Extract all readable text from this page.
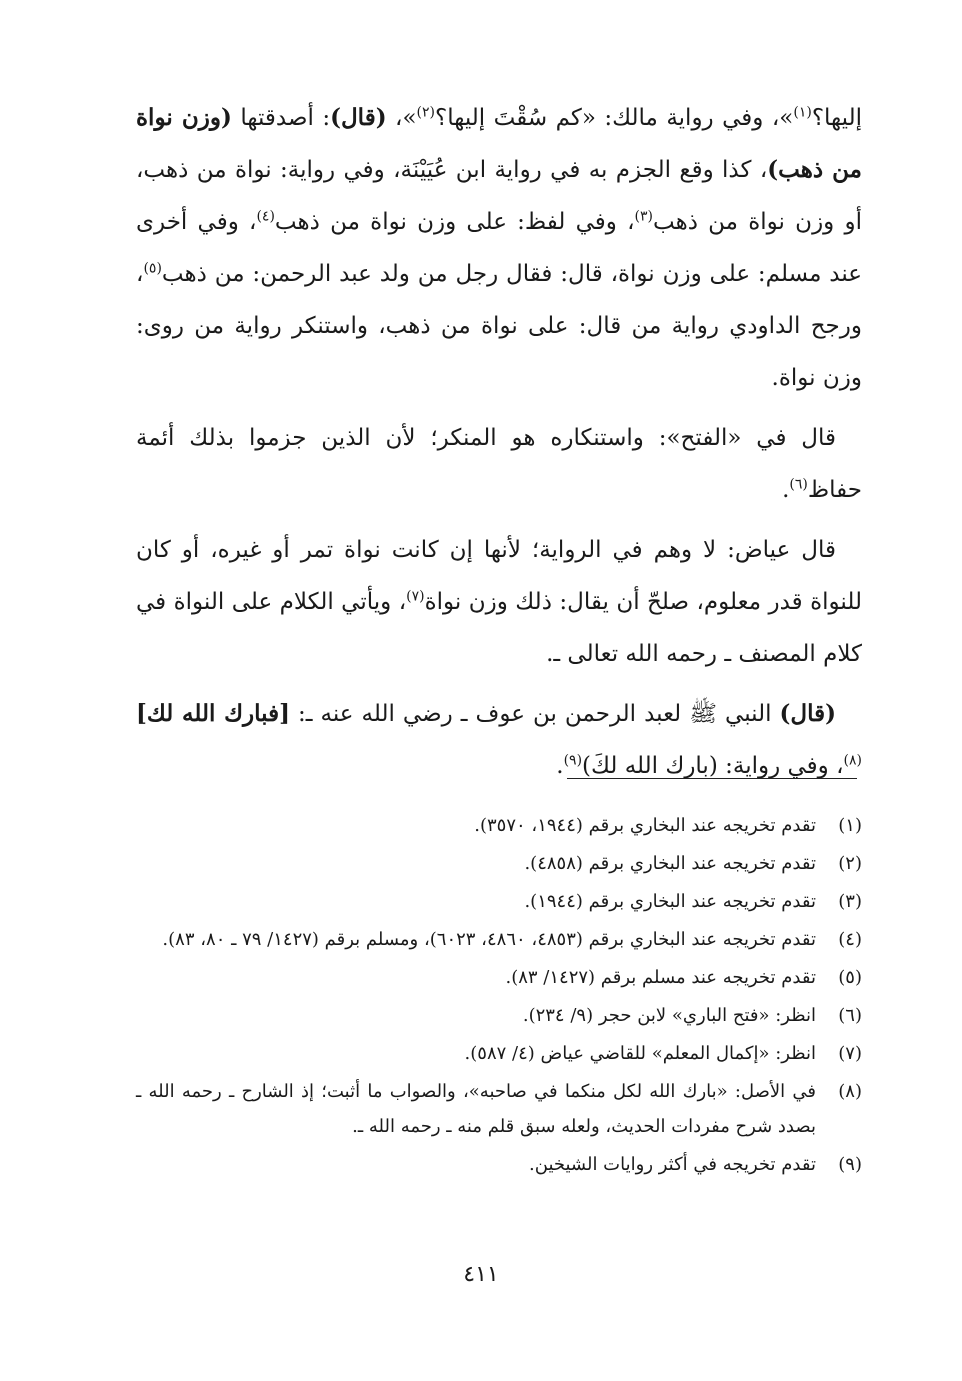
إليها؟$^{(١)}$»، وفي رواية مالك: «كم سُقْتَ إليها؟$^{(٢)}$»، (قال): أصدقتها (وزن نواة من ذهب)، كذا وقع الجزم به في رواية ابن عُيَيْنَة، وفي رواية: نواة من ذهب، أو وزن نواة من ذهب$^{(٣)}$، وفي لفظ: على وزن نواة من ذهب$^{(٤)}$، وفي أخرى عند مسلم: على وزن نواة، قال: فقال رجل من ولد عبد الرحمن: من ذهب$^{(٥)}$، ورجح الداودي رواية من قال: على نواة من ذهب، واستنكر رواية من روى: وزن نواة.

قال في «الفتح»: واستنكاره هو المنكر؛ لأن الذين جزموا بذلك أئمة حفاظ$^{(٦)}$.

قال عياض: لا وهم في الرواية؛ لأنها إن كانت نواة تمر أو غيره، أو كان للنواة قدر معلوم، صلحّ أن يقال: ذلك وزن نواة$^{(٧)}$، ويأتي الكلام على النواة في كلام المصنف ـ رحمه الله تعالى ـ.

(قال) النبي ﷺ لعبد الرحمن بن عوف ـ رضي الله عنه ـ: [فبارك الله لك]$^{(٨)}$، وفي رواية: (بارك الله لكَ)$^{(٩)}$.

(١)
تقدم تخريجه عند البخاري برقم (١٩٤٤، ٣٥٧٠).
(٢)
تقدم تخريجه عند البخاري برقم (٤٨٥٨).
(٣)
تقدم تخريجه عند البخاري برقم (١٩٤٤).
(٤)
تقدم تخريجه عند البخاري برقم (٤٨٥٣، ٤٨٦٠، ٦٠٢٣)، ومسلم برقم (١٤٢٧/ ٧٩ ـ ٨٠، ٨٣).
(٥)
تقدم تخريجه عند مسلم برقم (١٤٢٧/ ٨٣).
(٦)
انظر: «فتح الباري» لابن حجر (٩/ ٢٣٤).
(٧)
انظر: «إكمال المعلم» للقاضي عياض (٤/ ٥٨٧).
(٨)
في الأصل: «بارك الله لكل منكما في صاحبه»، والصواب ما أثبت؛ إذ الشارح ـ رحمه الله ـ بصدد شرح مفردات الحديث، ولعله سبق قلم منه ـ رحمه الله ـ.
(٩)
تقدم تخريجه في أكثر روايات الشيخين.
٤١١
